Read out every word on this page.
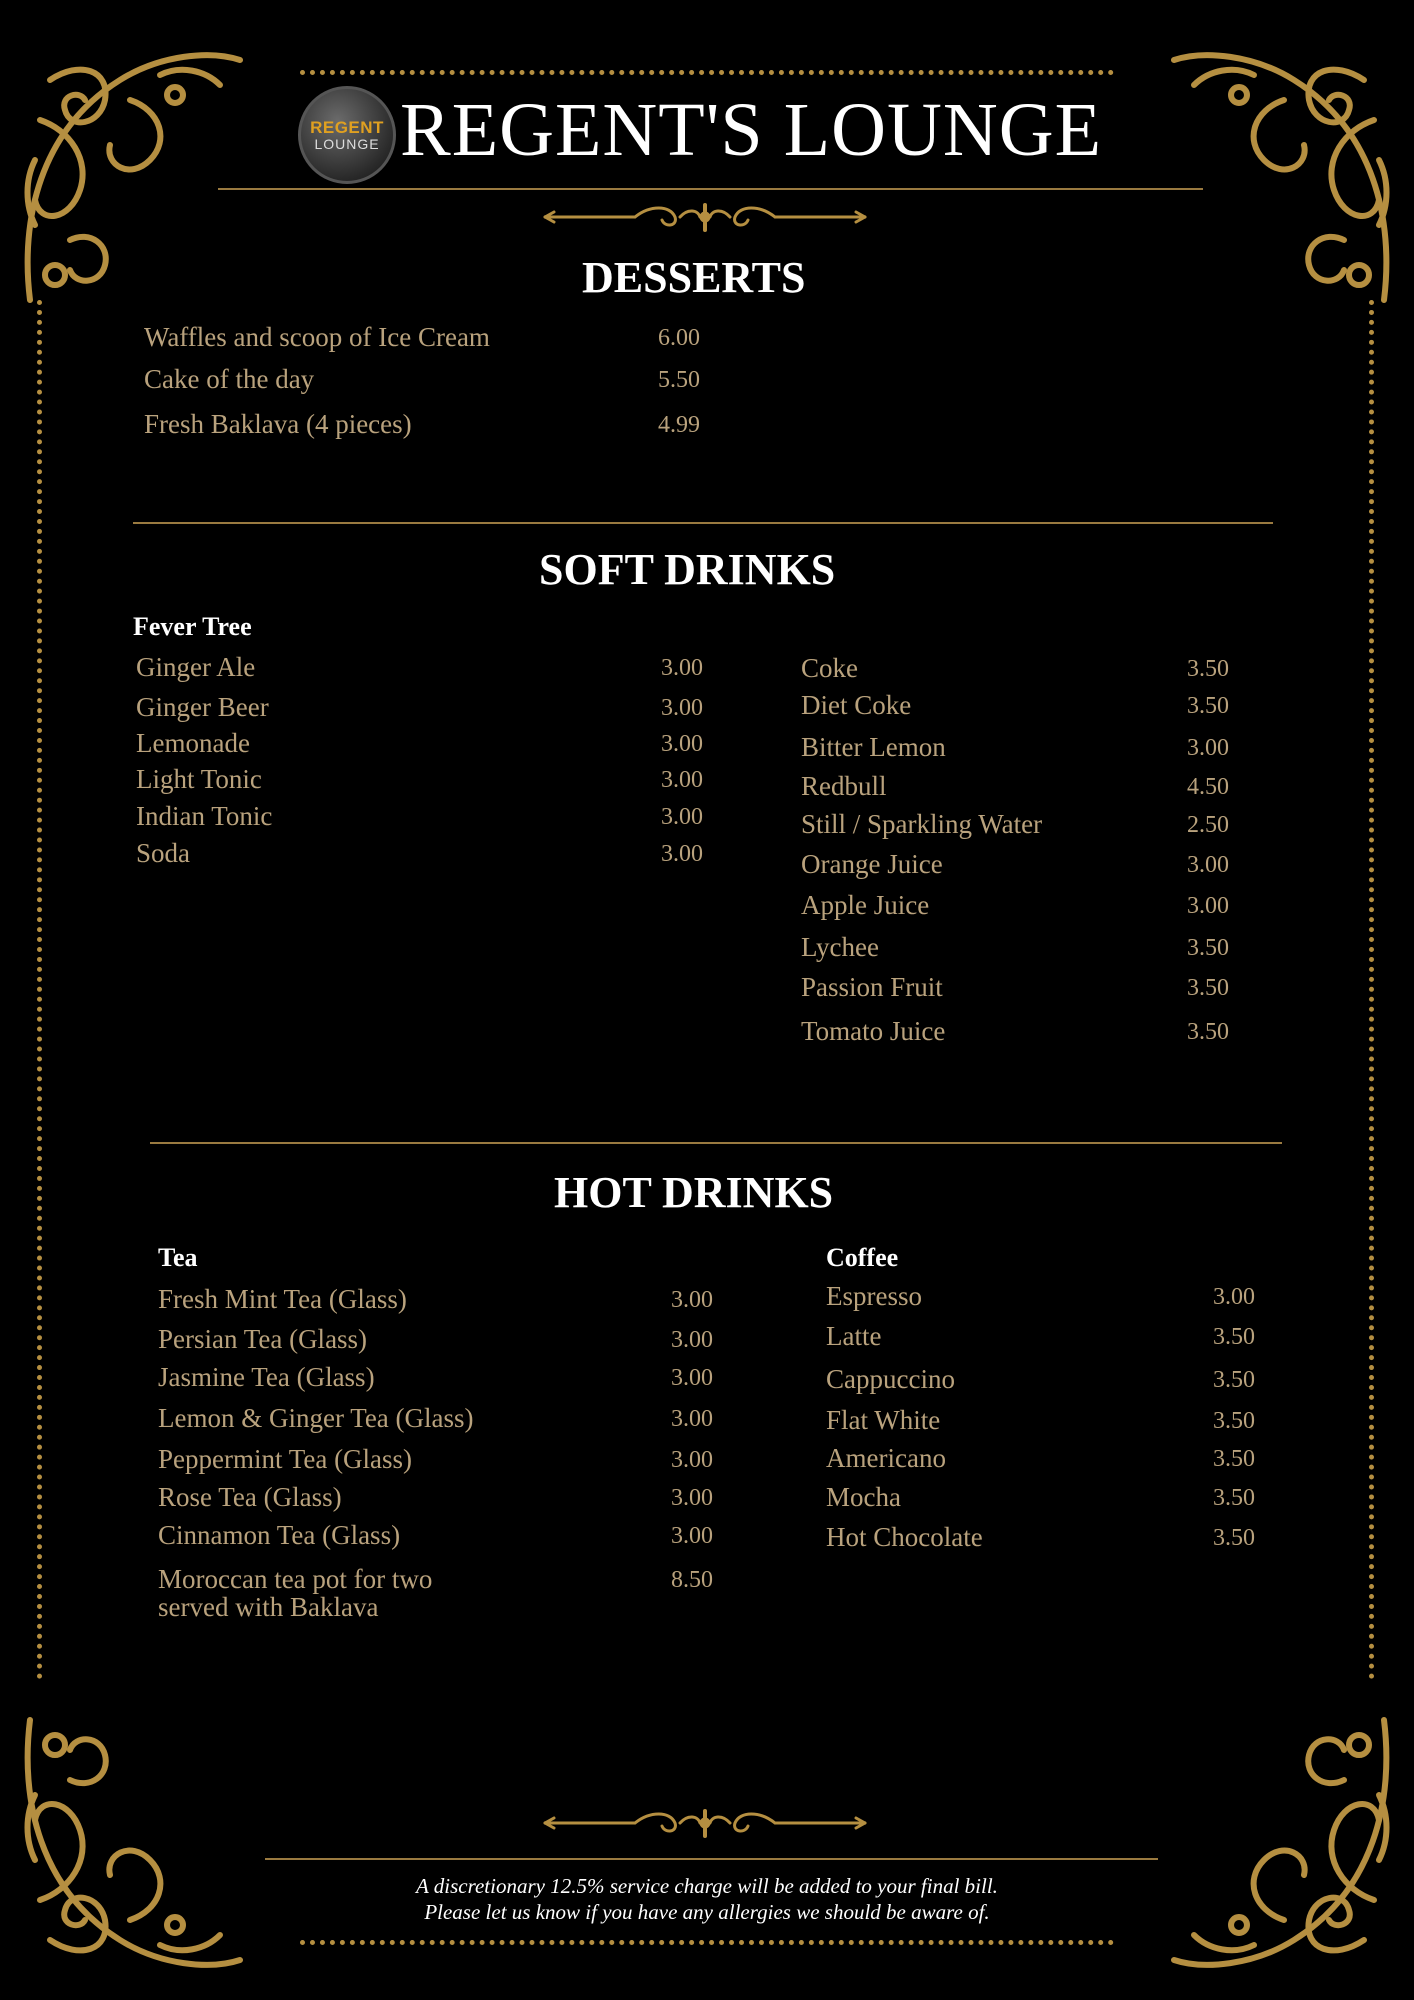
REGENT
LOUNGE REGENT'S LOUNGE
DESSERTS
Waffles and scoop of Ice Cream	6.00
Cake of the day	5.50
Fresh Baklava (4 pieces)	4.99
SOFT DRINKS
Fever Tree
Ginger Ale	3.00
Ginger Beer	3.00
Lemonade	3.00
Light Tonic	3.00
Indian Tonic	3.00
Soda	3.00
Coke	3.50
Diet Coke	3.50
Bitter Lemon	3.00
Redbull	4.50
Still / Sparkling Water	2.50
Orange Juice	3.00
Apple Juice	3.00
Lychee	3.50
Passion Fruit	3.50
Tomato Juice	3.50
HOT DRINKS
Tea	Coffee
Fresh Mint Tea (Glass)	3.00
Persian Tea (Glass)	3.00
Jasmine Tea (Glass)	3.00
Lemon & Ginger Tea (Glass)	3.00
Peppermint Tea (Glass)	3.00
Rose Tea (Glass)	3.00
Cinnamon Tea (Glass)	3.00
Moroccan tea pot for two
served with Baklava
8.50
Espresso	3.00
Latte	3.50
Cappuccino	3.50
Flat White	3.50
Americano	3.50
Mocha	3.50
Hot Chocolate	3.50
A discretionary 12.5% service charge will be added to your final bill.
Please let us know if you have any allergies we should be aware of.
